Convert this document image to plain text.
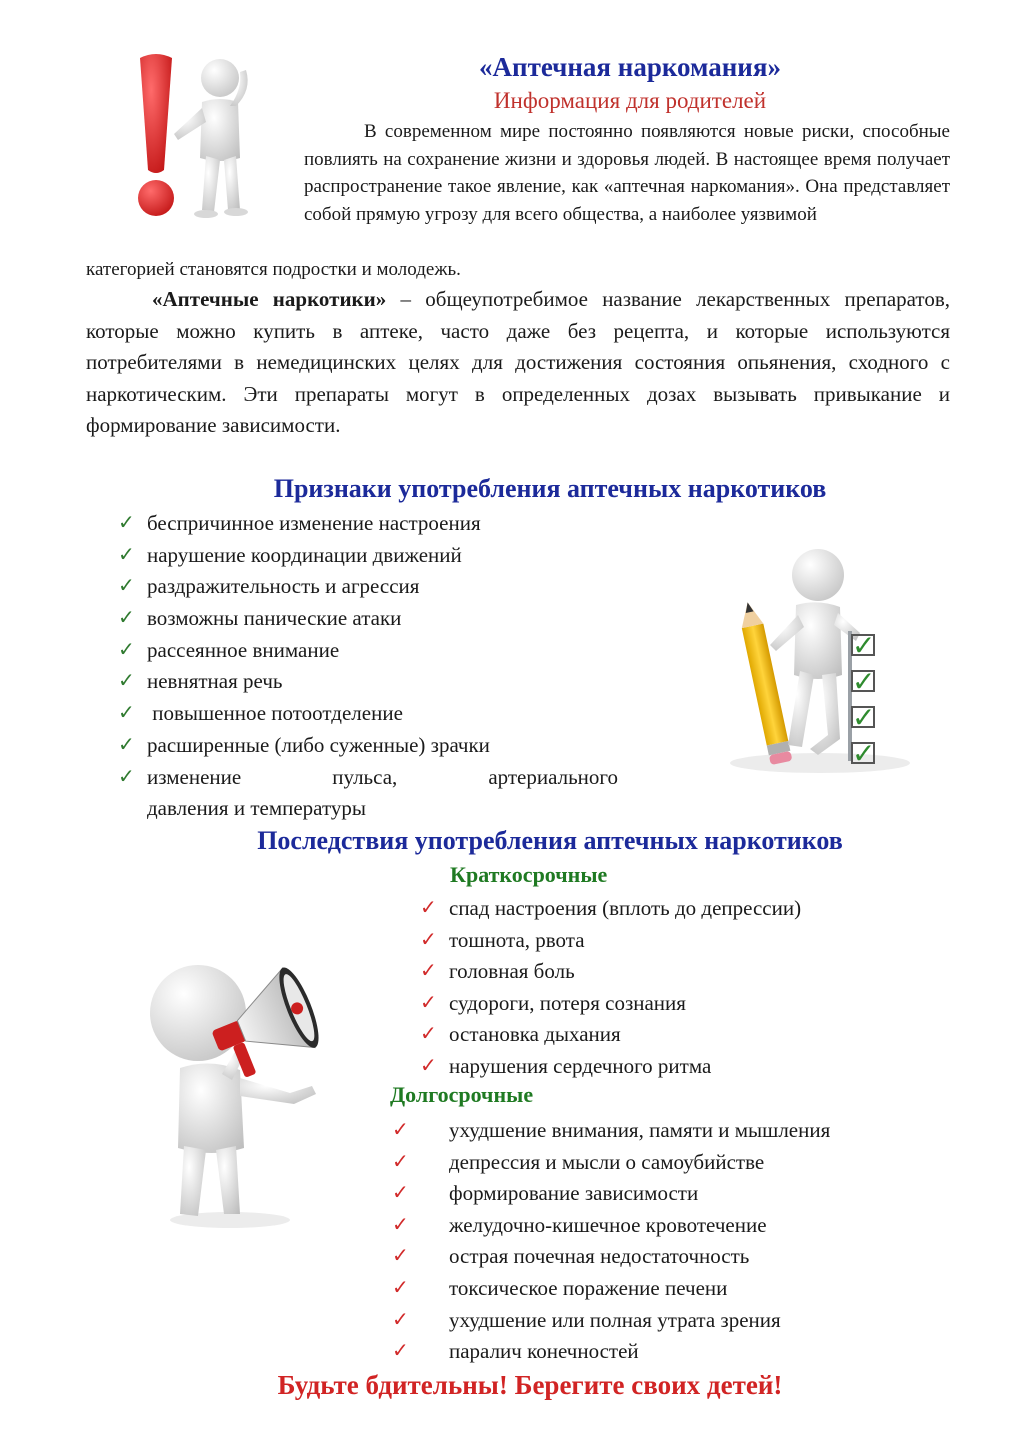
«Аптечная наркомания»
Информация для родителей

В современном мире постоянно появляются новые риски, способные повлиять на сохранение жизни и здоровья людей. В настоящее время получает распространение такое явление, как «аптечная наркомания». Она представляет собой прямую угрозу для всего общества, а наиболее уязвимой

категорией становятся подростки и молодежь.

«Аптечные наркотики» – общеупотребимое название лекарственных препаратов, которые можно купить в аптеке, часто даже без рецепта, и которые используются потребителями в немедицинских целях для достижения состояния опьянения, сходного с наркотическим. Эти препараты могут в определенных дозах вызывать привыкание и формирование зависимости.

Признаки употребления аптечных наркотиков
✓ беспричинное изменение настроения
✓ нарушение координации движений
✓ раздражительность и агрессия
✓ возможны панические атаки
✓ рассеянное внимание
✓ невнятная речь
✓ повышенное потоотделение
✓ расширенные (либо суженные) зрачки
✓ изменение	пульса,	артериального
давления и температуры
✓
✓
✓
✓
Последствия употребления аптечных наркотиков
Краткосрочные
✓ спад настроения (вплоть до депрессии)
✓ тошнота, рвота
✓ головная боль
✓ судороги, потеря сознания
✓ остановка дыхания
✓ нарушения сердечного ритма
Долгосрочные
✓ ухудшение внимания, памяти и мышления
✓ депрессия и мысли о самоубийстве
✓ формирование зависимости
✓ желудочно-кишечное кровотечение
✓ острая почечная недостаточность
✓ токсическое поражение печени
✓ ухудшение или полная утрата зрения
✓ паралич конечностей
Будьте бдительны! Берегите своих детей!
